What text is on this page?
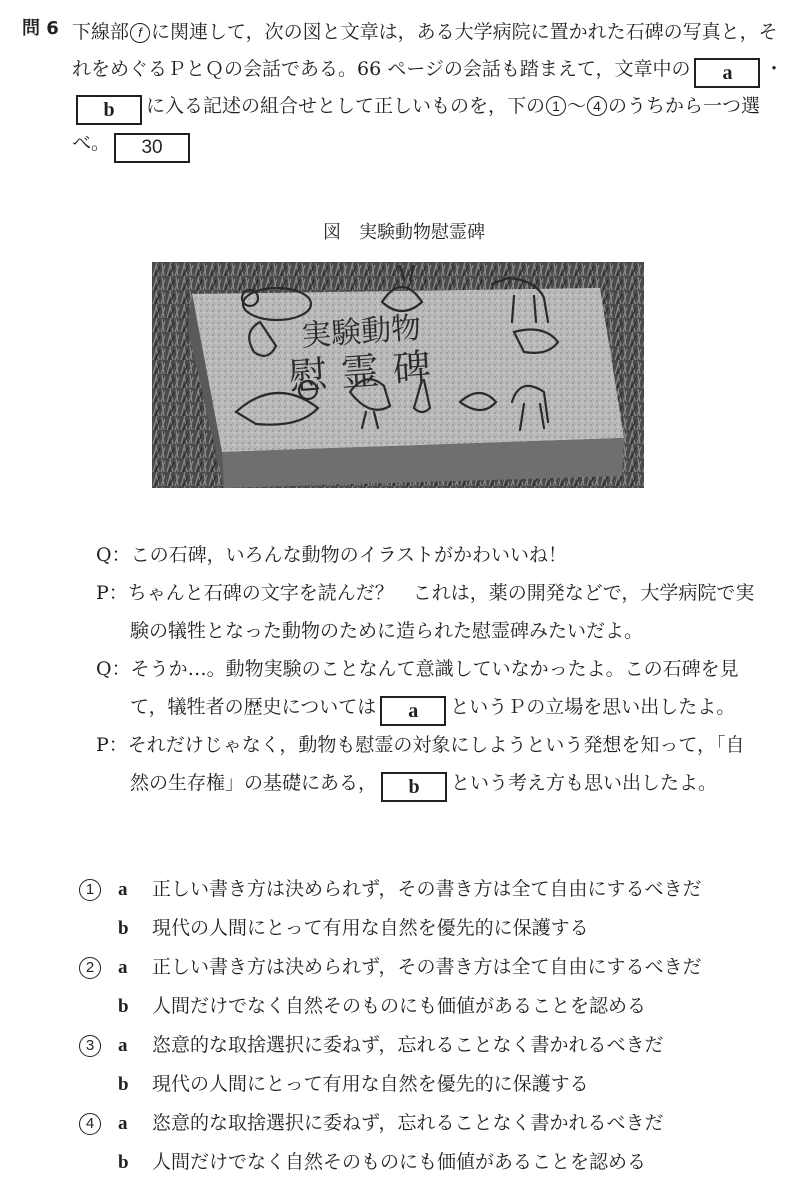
問 6 下線部 f に関連して，次の図と文章は，ある大学病院に置かれた石碑の写真と，それをめぐるＰとＱの会話である。66 ページの会話も踏まえて，文章中の a ・b に入る記述の組合せとして正しいものを，下の 1 ～ 4 のうちから一つ選べ。 30
図　実験動物慰霊碑
実験動物
慰霊碑
Q：この石碑，いろんな動物のイラストがかわいいね！
P：ちゃんと石碑の文字を読んだ？　これは，薬の開発などで，大学病院で実
験の犠牲となった動物のために造られた慰霊碑みたいだよ。
Q：そうか…。動物実験のことなんて意識していなかったよ。この石碑を見
て，犠牲者の歴史については a というＰの立場を思い出したよ。
P：それだけじゃなく，動物も慰霊の対象にしようという発想を知って，「自
然の生存権」の基礎にある， b という考え方も思い出したよ。
1 a 正しい書き方は決められず，その書き方は全て自由にするべきだ
b 現代の人間にとって有用な自然を優先的に保護する
2 a 正しい書き方は決められず，その書き方は全て自由にするべきだ
b 人間だけでなく自然そのものにも価値があることを認める
3 a 恣意的な取捨選択に委ねず，忘れることなく書かれるべきだ
b 現代の人間にとって有用な自然を優先的に保護する
4 a 恣意的な取捨選択に委ねず，忘れることなく書かれるべきだ
b 人間だけでなく自然そのものにも価値があることを認める
